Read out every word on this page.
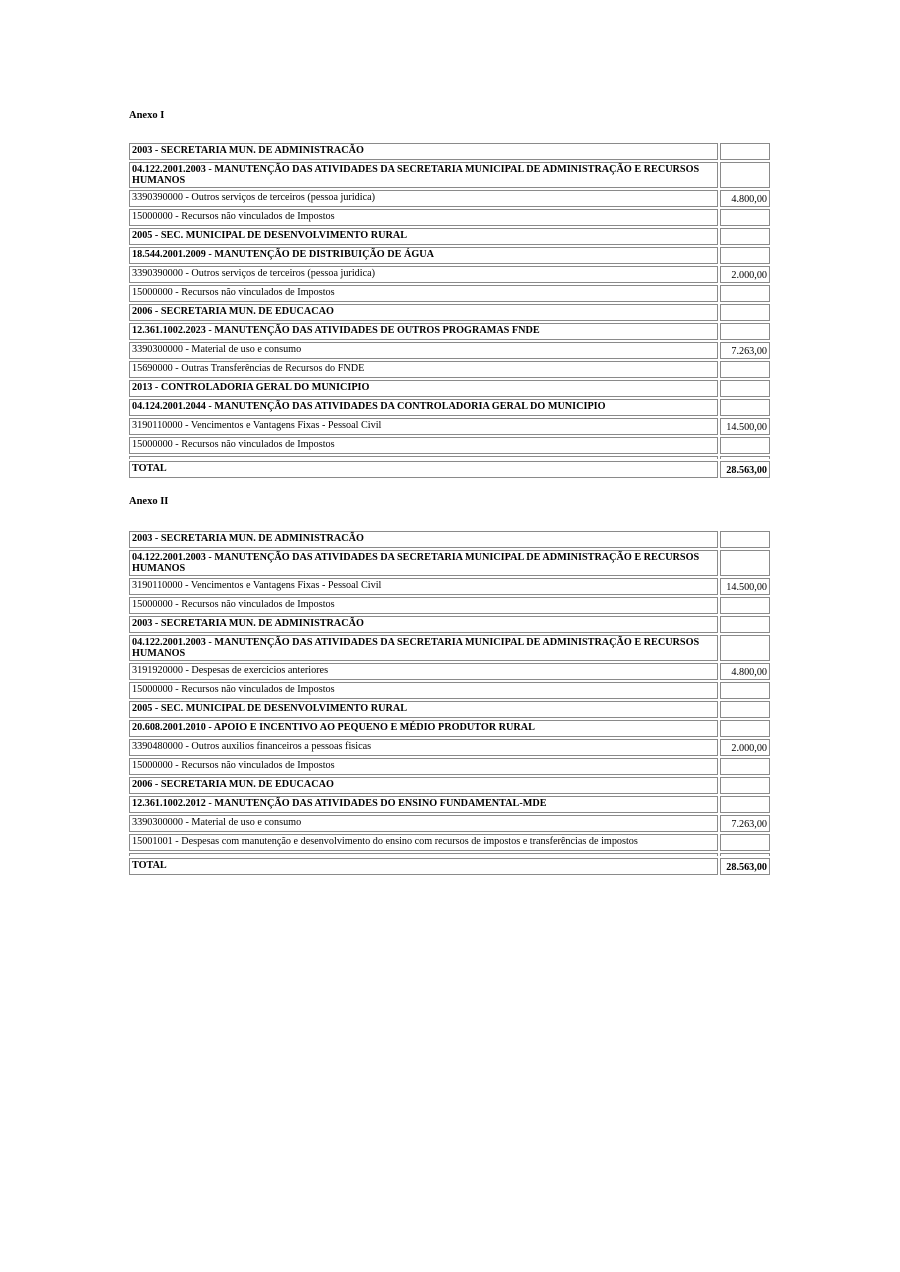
Anexo I
2003 - SECRETARIA MUN. DE ADMINISTRACÃO		
04.122.2001.2003 - MANUTENÇÃO DAS ATIVIDADES DA SECRETARIA MUNICIPAL DE ADMINISTRAÇÃO E RECURSOS HUMANOS		
3390390000 - Outros serviços de terceiros (pessoa juridica)		4.800,00
15000000 - Recursos não vinculados de Impostos		
2005 - SEC. MUNICIPAL DE DESENVOLVIMENTO RURAL		
18.544.2001.2009 - MANUTENÇÃO DE DISTRIBUIÇÃO DE ÁGUA		
3390390000 - Outros serviços de terceiros (pessoa juridica)		2.000,00
15000000 - Recursos não vinculados de Impostos		
2006 - SECRETARIA MUN. DE EDUCACAO		
12.361.1002.2023 - MANUTENÇÃO DAS ATIVIDADES DE OUTROS PROGRAMAS FNDE		
3390300000 - Material de uso e consumo		7.263,00
15690000 - Outras Transferências de Recursos do FNDE		
2013 - CONTROLADORIA GERAL DO MUNICIPIO		
04.124.2001.2044 - MANUTENÇÃO DAS ATIVIDADES DA CONTROLADORIA GERAL DO MUNICIPIO		
3190110000 - Vencimentos e Vantagens Fixas - Pessoal Civil		14.500,00
15000000 - Recursos não vinculados de Impostos		

TOTAL		28.563,00
Anexo II
2003 - SECRETARIA MUN. DE ADMINISTRACÃO		
04.122.2001.2003 - MANUTENÇÃO DAS ATIVIDADES DA SECRETARIA MUNICIPAL DE ADMINISTRAÇÃO E RECURSOS HUMANOS		
3190110000 - Vencimentos e Vantagens Fixas - Pessoal Civil		14.500,00
15000000 - Recursos não vinculados de Impostos		
2003 - SECRETARIA MUN. DE ADMINISTRACÃO		
04.122.2001.2003 - MANUTENÇÃO DAS ATIVIDADES DA SECRETARIA MUNICIPAL DE ADMINISTRAÇÃO E RECURSOS HUMANOS		
3191920000 - Despesas de exercicios anteriores		4.800,00
15000000 - Recursos não vinculados de Impostos		
2005 - SEC. MUNICIPAL DE DESENVOLVIMENTO RURAL		
20.608.2001.2010 - APOIO E INCENTIVO AO PEQUENO E MÉDIO PRODUTOR RURAL		
3390480000 - Outros auxilios financeiros a pessoas fisicas		2.000,00
15000000 - Recursos não vinculados de Impostos		
2006 - SECRETARIA MUN. DE EDUCACAO		
12.361.1002.2012 - MANUTENÇÃO DAS ATIVIDADES DO ENSINO FUNDAMENTAL-MDE		
3390300000 - Material de uso e consumo		7.263,00
15001001 - Despesas com manutenção e desenvolvimento do ensino com recursos de impostos e transferências de impostos		

TOTAL		28.563,00
